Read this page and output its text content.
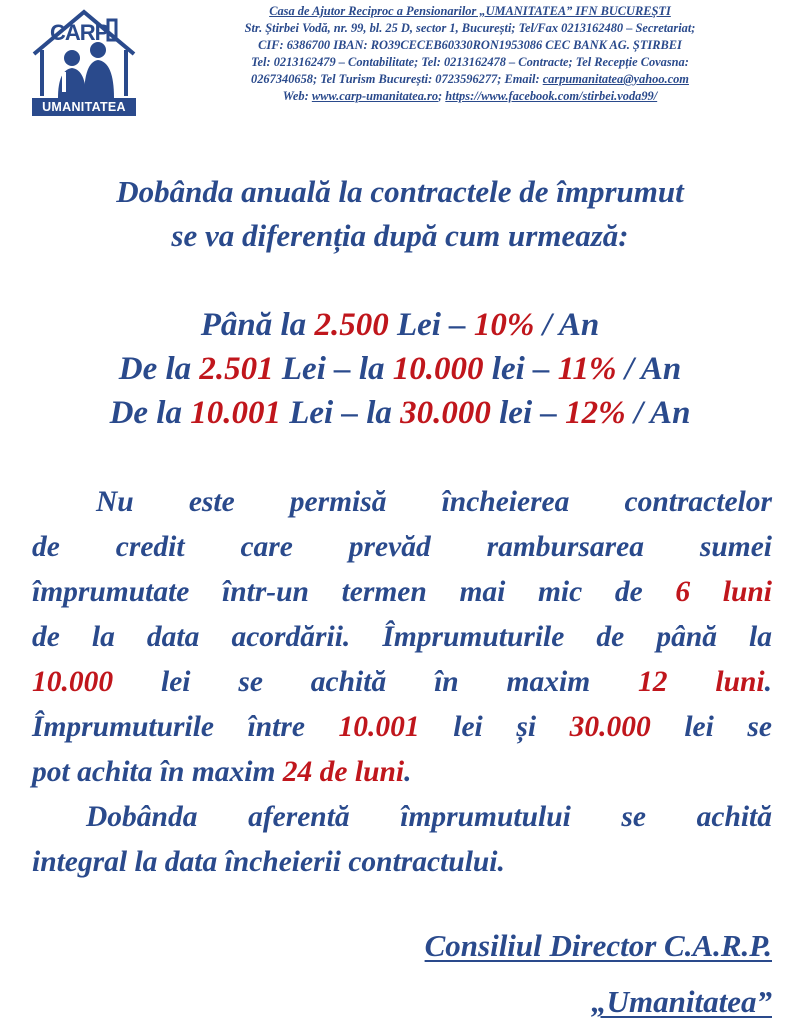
CARP
UMANITATEA
Casa de Ajutor Reciproc a Pensionarilor „UMANITATEA” IFN BUCUREȘTI
Str. Știrbei Vodă, nr. 99, bl. 25 D, sector 1, București; Tel/Fax 0213162480 – Secretariat;
CIF: 6386700 IBAN: RO39CECEB60330RON1953086 CEC BANK AG. ȘTIRBEI
Tel: 0213162479 – Contabilitate; Tel: 0213162478 – Contracte; Tel Recepție Covasna:
0267340658; Tel Turism București: 0723596277; Email: carpumanitatea@yahoo.com
Web: www.carp-umanitatea.ro; https://www.facebook.com/stirbei.voda99/
Dobânda anuală la contractele de împrumut
se va diferenția după cum urmează:
Până la 2.500 Lei – 10% / An
De la 2.501 Lei – la 10.000 lei – 11% / An
De la 10.001 Lei – la 30.000 lei – 12% / An
Nu este permisă încheierea contractelor
de credit care prevăd rambursarea sumei
împrumutate într-un termen mai mic de 6 luni
de la data acordării. Împrumuturile de până la
10.000 lei se achită în maxim 12 luni.
Împrumuturile între 10.001 lei și 30.000 lei se
pot achita în maxim 24 de luni.
Dobânda aferentă împrumutului se achită
integral la data încheierii contractului.
Consiliul Director C.A.R.P.
„Umanitatea”
